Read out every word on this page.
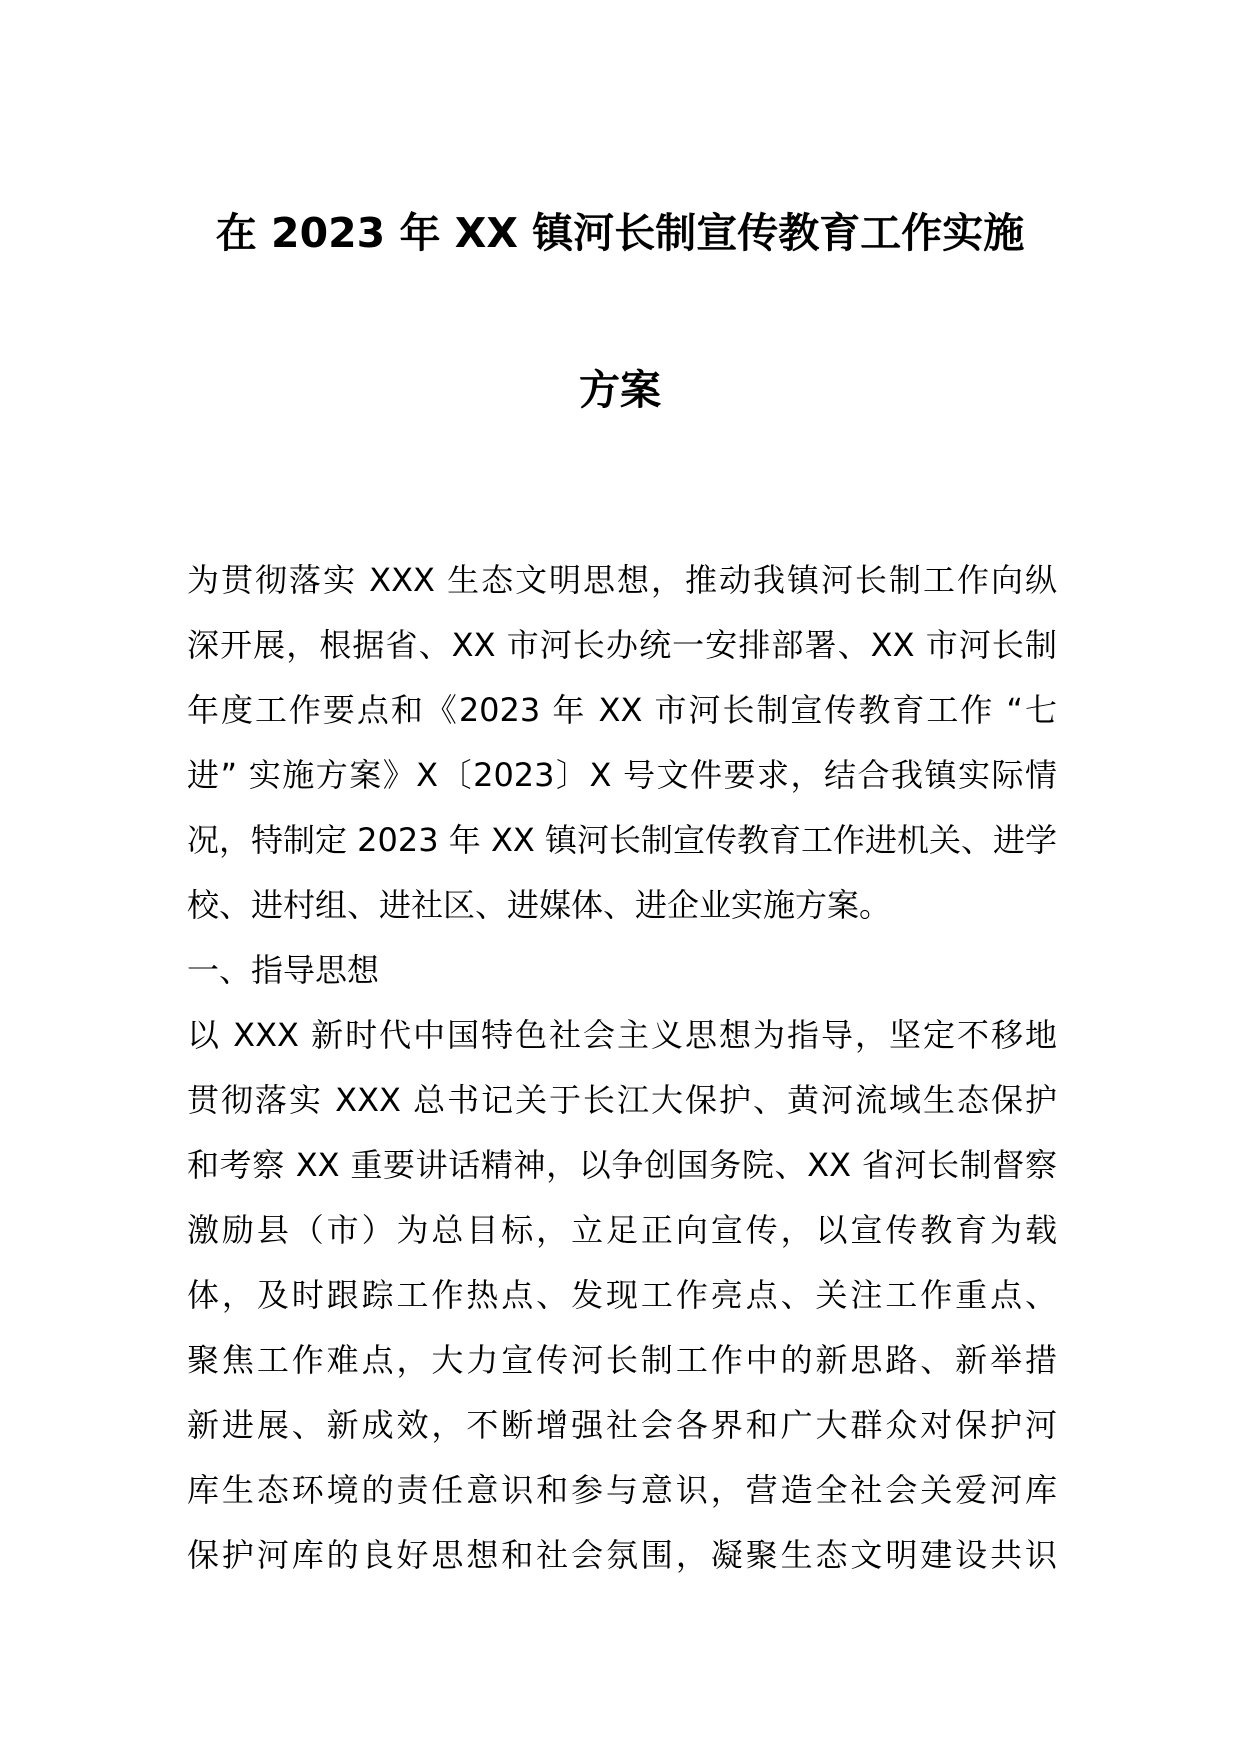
在 2023 年 XX 镇河长制宣传教育工作实施
方案
为贯彻落实 XXX 生态文明思想，推动我镇河长制工作向纵
深开展，根据省、XX 市河长办统一安排部署、XX 市河长制
年度工作要点和《2023 年 XX 市河长制宣传教育工作 “七
进” 实施方案》X〔2023〕X 号文件要求，结合我镇实际情
况，特制定 2023 年 XX 镇河长制宣传教育工作进机关、进学
校、进村组、进社区、进媒体、进企业实施方案。
一、指导思想
以 XXX 新时代中国特色社会主义思想为指导，坚定不移地
贯彻落实 XXX 总书记关于长江大保护、黄河流域生态保护
和考察 XX 重要讲话精神，以争创国务院、XX 省河长制督察
激励县（市）为总目标，立足正向宣传，以宣传教育为载
体，及时跟踪工作热点、发现工作亮点、关注工作重点、
聚焦工作难点，大力宣传河长制工作中的新思路、新举措
新进展、新成效，不断增强社会各界和广大群众对保护河
库生态环境的责任意识和参与意识，营造全社会关爱河库
保护河库的良好思想和社会氛围，凝聚生态文明建设共识
